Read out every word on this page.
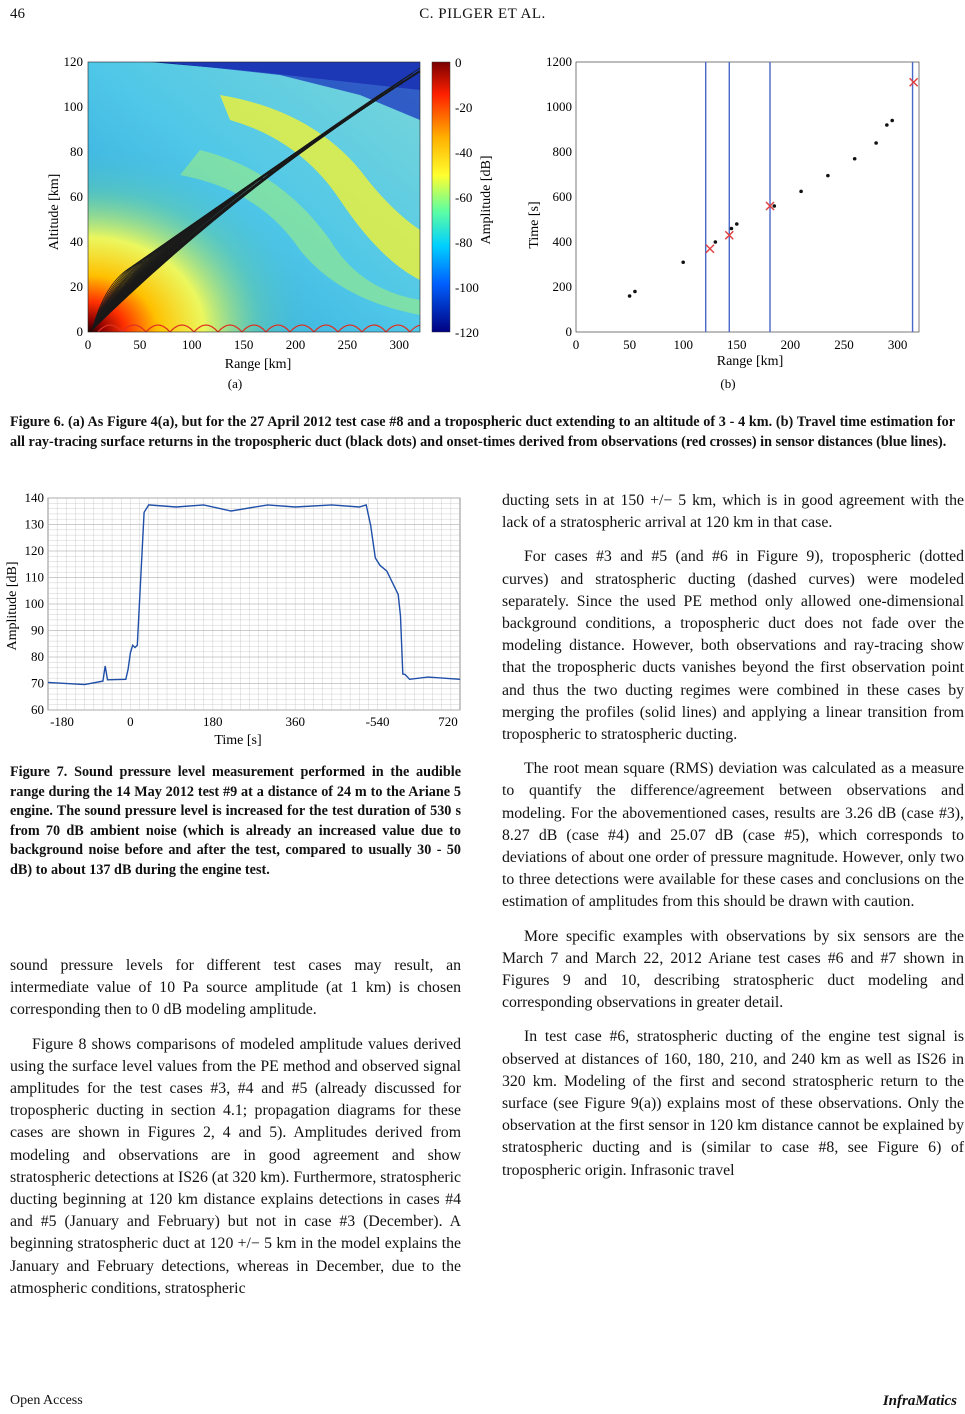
46	C. PILGER ET AL.
0
20
40
60
80
100
120
0	50	100 150 200 250 300
Range [km]
Altitude [km]
0
-20
-40
-60
-80
-100
-120
Amplitude [dB]
(a)
0
200
400
600
800
1000
1200
0	50	100	150	200	250	300
Range [km]
Time [s]
(b)
Figure 6. (a) As Figure 4(a), but for the 27 April 2012 test case #8 and a tropospheric duct extending to an altitude of 3 - 4 km. (b) Travel time estimation for all ray-tracing surface returns in the tropospheric duct (black dots) and onset-times derived from observations (red crosses) in sensor distances (blue lines).
60
70
80
90
100
110
120
130
140
-180	0	180	360	-540	720
Time [s]
Amplitude [dB]
Figure 7. Sound pressure level measurement performed in the audible range during the 14 May 2012 test #9 at a distance of 24 m to the Ariane 5 engine. The sound pressure level is increased for the test duration of 530 s from 70 dB ambient noise (which is already an increased value due to background noise before and after the test, compared to usually 30 - 50 dB) to about 137 dB during the engine test.

sound pressure levels for different test cases may result, an intermediate value of 10 Pa source amplitude (at 1 km) is chosen corresponding then to 0 dB modeling amplitude.

Figure 8 shows comparisons of modeled amplitude values derived using the surface level values from the PE method and observed signal amplitudes for the test cases #3, #4 and #5 (already discussed for tropospheric ducting in section 4.1; propagation diagrams for these cases are shown in Figures 2, 4 and 5). Amplitudes derived from modeling and observations are in good agreement and show stratospheric detections at IS26 (at 320 km). Furthermore, stratospheric ducting beginning at 120 km distance explains detections in cases #4 and #5 (January and February) but not in case #3 (December). A beginning stratospheric duct at 120 +/− 5 km in the model explains the January and February detections, whereas in December, due to the atmospheric conditions, stratospheric

ducting sets in at 150 +/− 5 km, which is in good agreement with the lack of a stratospheric arrival at 120 km in that case.

For cases #3 and #5 (and #6 in Figure 9), tropospheric (dotted curves) and stratospheric ducting (dashed curves) were modeled separately. Since the used PE method only allowed one-dimensional background conditions, a tropospheric duct does not fade over the modeling distance. However, both observations and ray-tracing show that the tropospheric ducts vanishes beyond the first observation point and thus the two ducting regimes were combined in these cases by merging the profiles (solid lines) and applying a linear transition from tropospheric to stratospheric ducting.

The root mean square (RMS) deviation was calculated as a measure to quantify the difference/agreement between observations and modeling. For the abovementioned cases, results are 3.26 dB (case #3), 8.27 dB (case #4) and 25.07 dB (case #5), which corresponds to deviations of about one order of pressure magnitude. However, only two to three detections were available for these cases and conclusions on the estimation of amplitudes from this should be drawn with caution.

More specific examples with observations by six sensors are the March 7 and March 22, 2012 Ariane test cases #6 and #7 shown in Figures 9 and 10, describing stratospheric duct modeling and corresponding observations in greater detail.

In test case #6, stratospheric ducting of the engine test signal is observed at distances of 160, 180, 210, and 240 km as well as IS26 in 320 km. Modeling of the first and second stratospheric return to the surface (see Figure 9(a)) explains most of these observations. Only the observation at the first sensor in 120 km distance cannot be explained by stratospheric ducting and is (similar to case #8, see Figure 6) of tropospheric origin. Infrasonic travel

Open Access	InfraMatics
